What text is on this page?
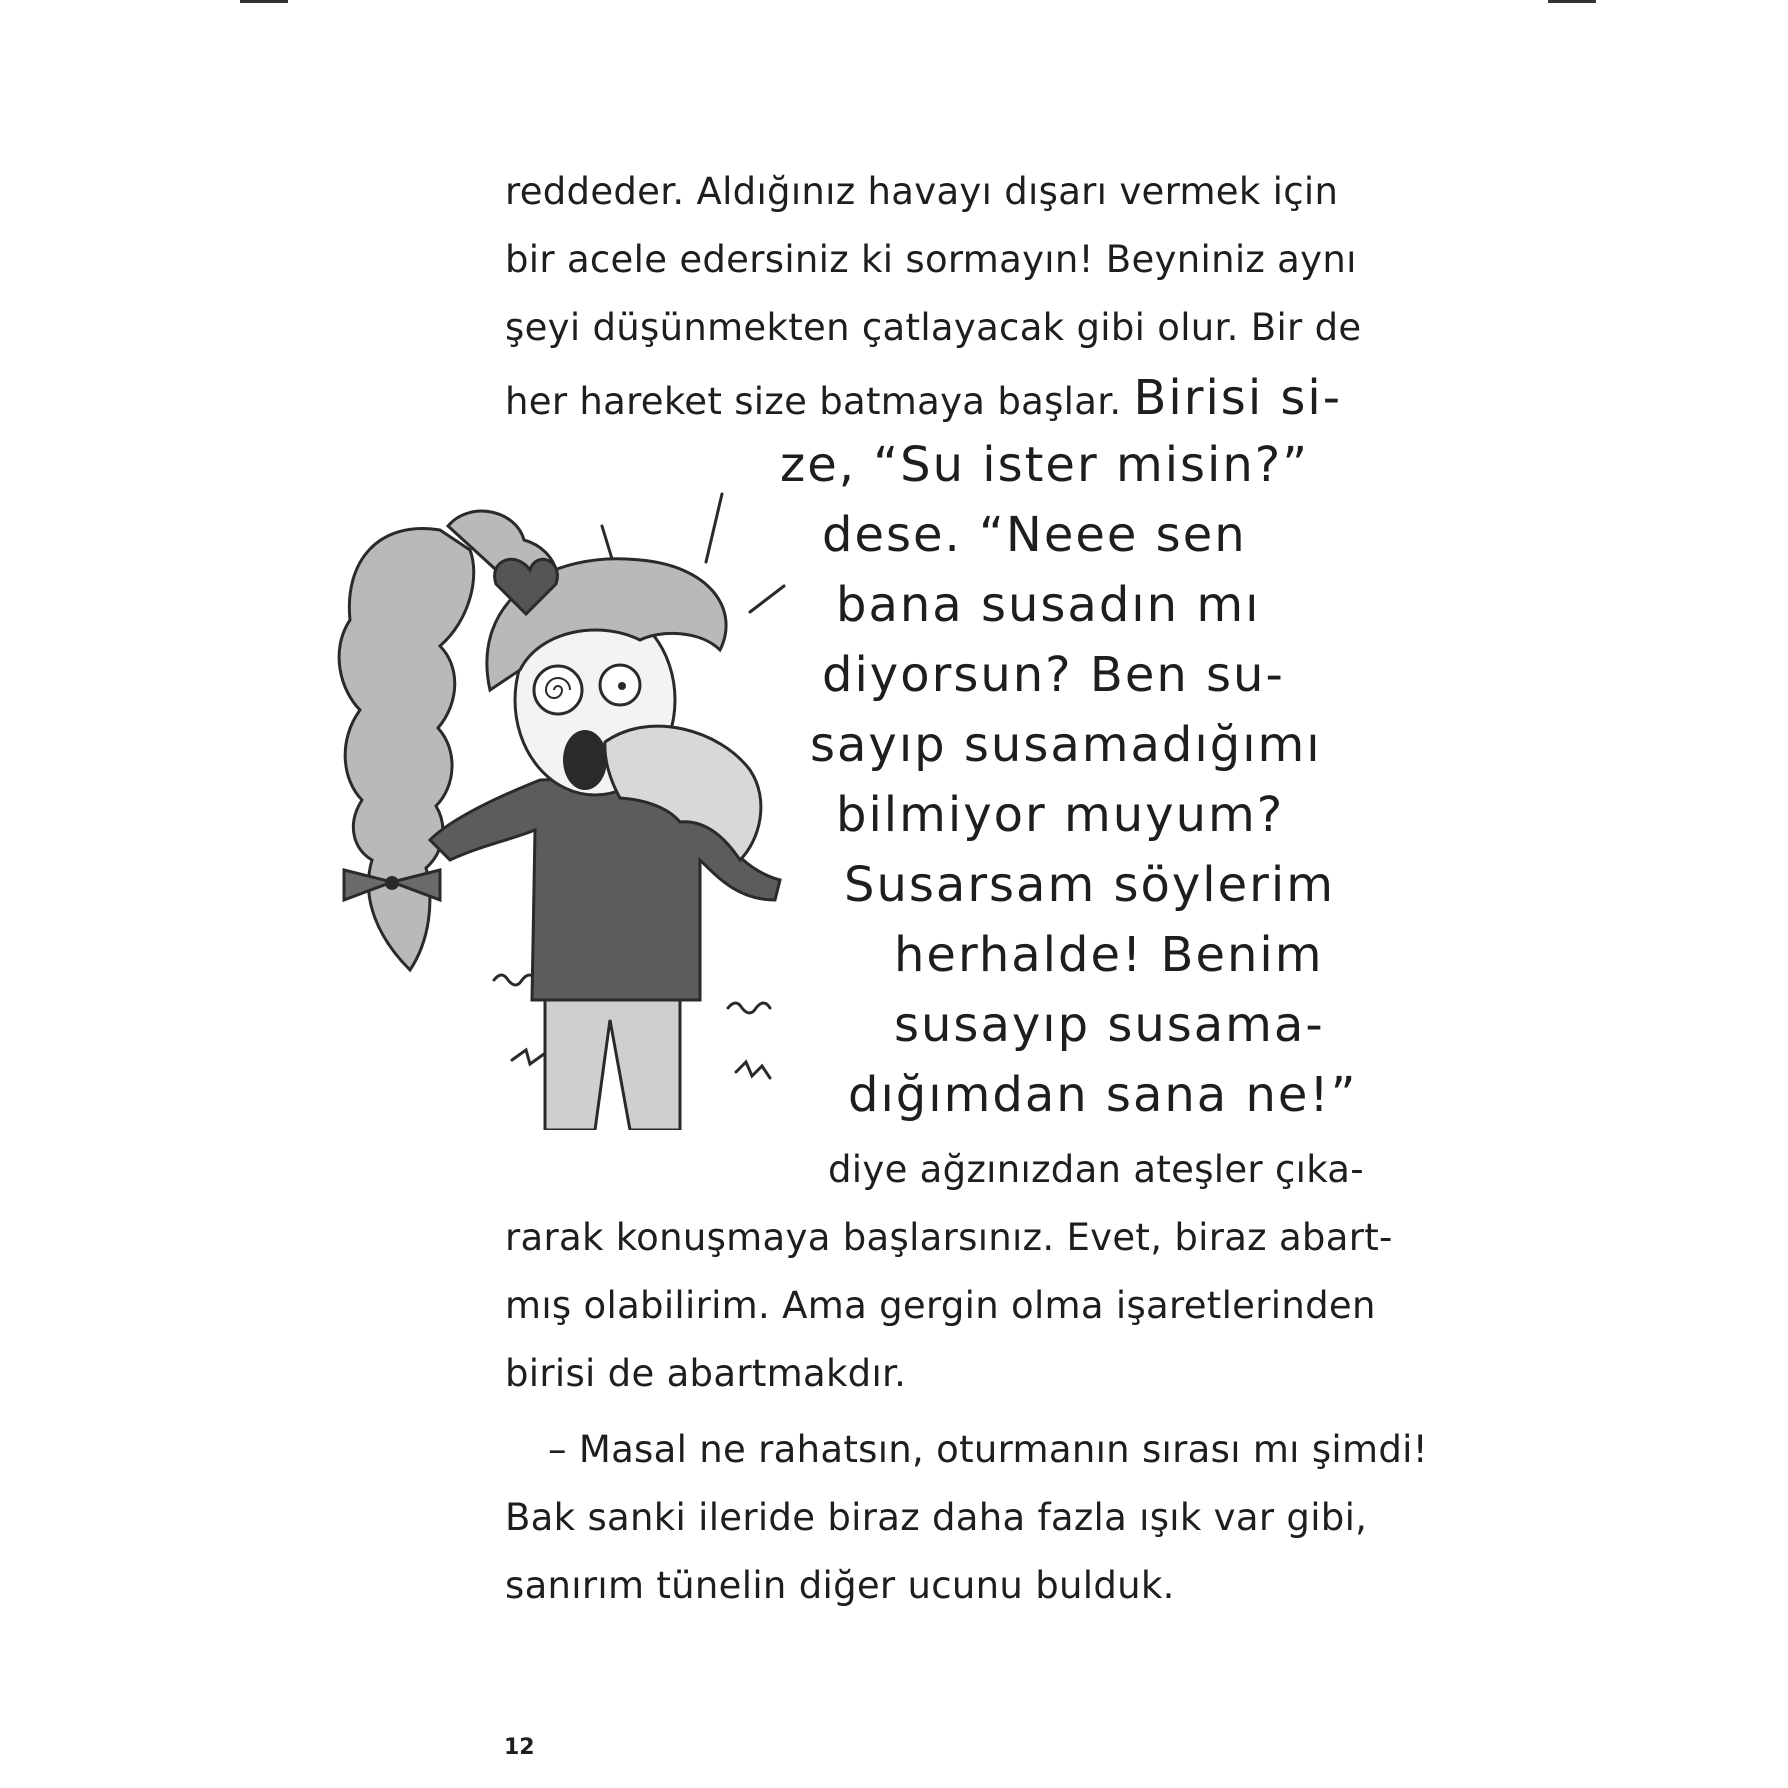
reddeder. Aldığınız havayı dışarı vermek için
bir acele edersiniz ki sormayın! Beyniniz aynı
şeyi düşünmekten çatlayacak gibi olur. Bir de
her hareket size batmaya başlar. Birisi si-
ze, “Su ister misin?”
dese. “Neee sen
bana susadın mı
diyorsun? Ben su-
sayıp susamadığımı
bilmiyor muyum?
Susarsam söylerim
herhalde! Benim
susayıp susama-
dığımdan sana ne!”
diye ağzınızdan ateşler çıka-
rarak konuşmaya başlarsınız. Evet, biraz abart-
mış olabilirim. Ama gergin olma işaretlerinden
birisi de abartmakdır.
– Masal ne rahatsın, oturmanın sırası mı şimdi!
Bak sanki ileride biraz daha fazla ışık var gibi,
sanırım tünelin diğer ucunu bulduk.
12
